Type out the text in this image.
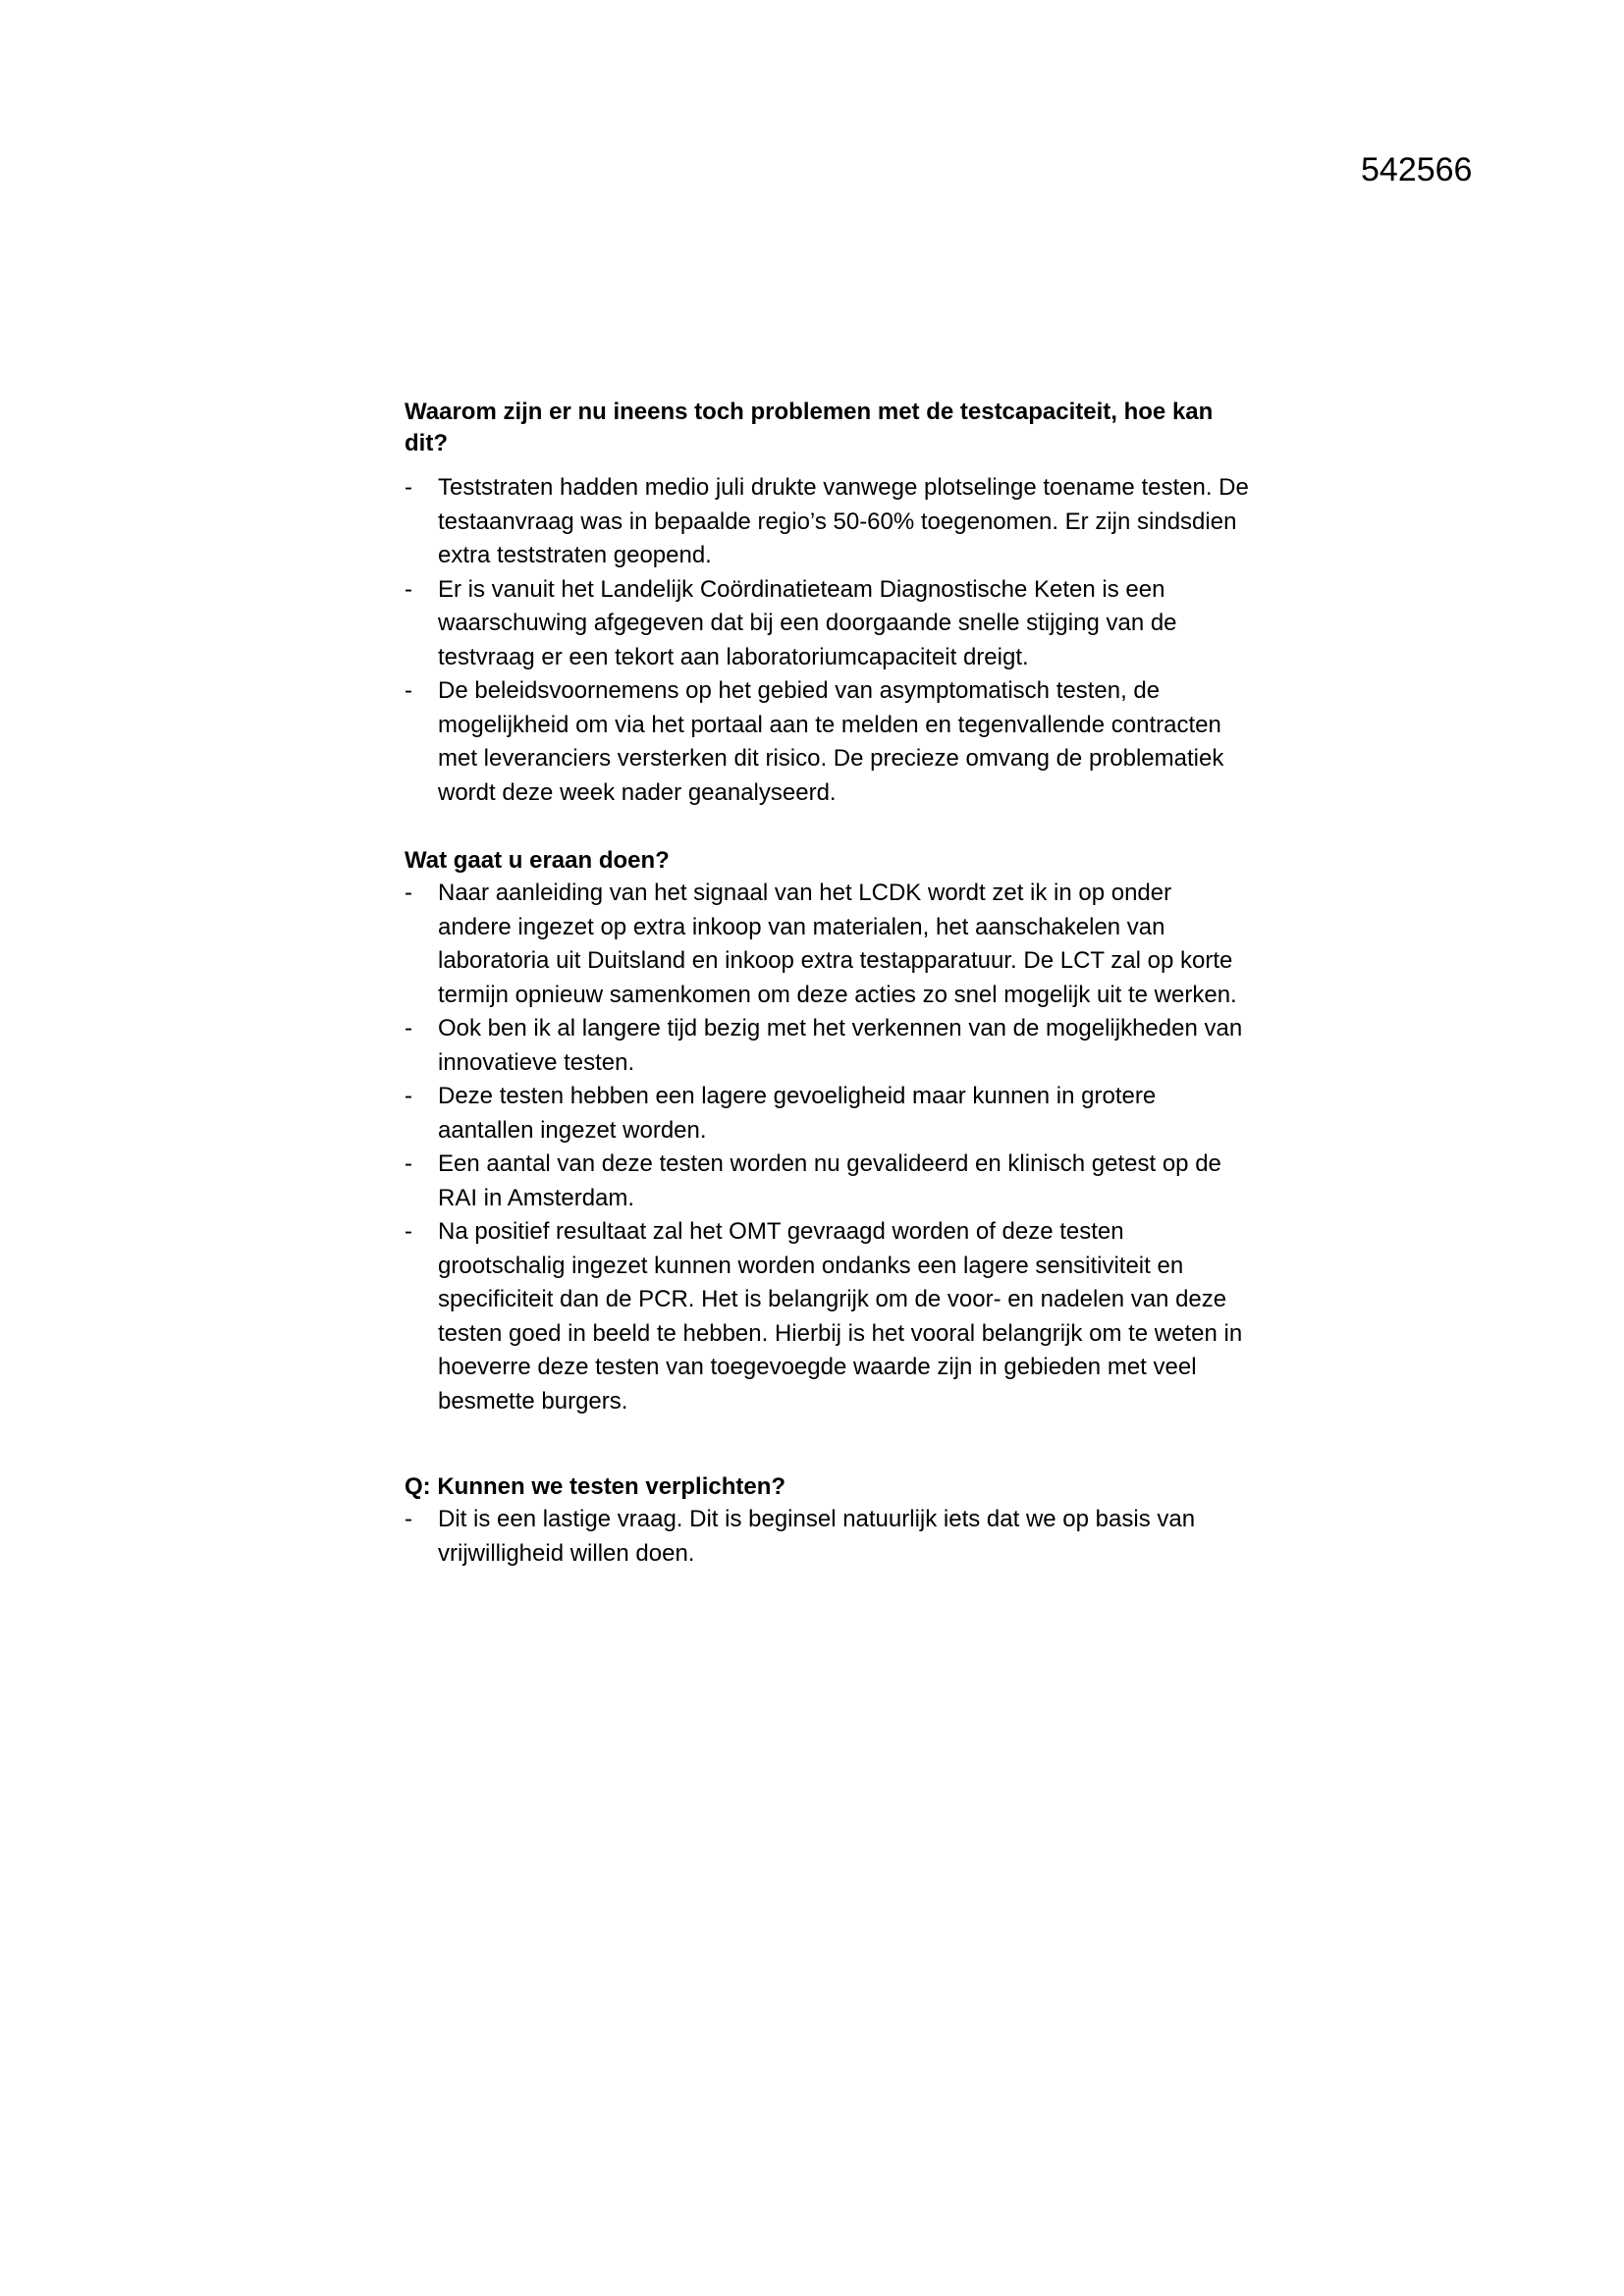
542566

Waarom zijn er nu ineens toch problemen met de testcapaciteit, hoe kan dit?

-	Teststraten hadden medio juli drukte vanwege plotselinge toename testen. De testaanvraag was in bepaalde regio’s 50-60% toegenomen. Er zijn sindsdien extra teststraten geopend.
-	Er is vanuit het Landelijk Coördinatieteam Diagnostische Keten is een waarschuwing afgegeven dat bij een doorgaande snelle stijging van de testvraag er een tekort aan laboratoriumcapaciteit dreigt.
-	De beleidsvoornemens op het gebied van asymptomatisch testen, de mogelijkheid om via het portaal aan te melden en tegenvallende contracten met leveranciers versterken dit risico. De precieze omvang de problematiek wordt deze week nader geanalyseerd.

Wat gaat u eraan doen?

-	Naar aanleiding van het signaal van het LCDK wordt zet ik in op onder andere ingezet op extra inkoop van materialen, het aanschakelen van laboratoria uit Duitsland en inkoop extra testapparatuur. De LCT zal op korte termijn opnieuw samenkomen om deze acties zo snel mogelijk uit te werken.
-	Ook ben ik al langere tijd bezig met het verkennen van de mogelijkheden van innovatieve testen.
-	Deze testen hebben een lagere gevoeligheid maar kunnen in grotere aantallen ingezet worden.
-	Een aantal van deze testen worden nu gevalideerd en klinisch getest op de RAI in Amsterdam.
-	Na positief resultaat zal het OMT gevraagd worden of deze testen grootschalig ingezet kunnen worden ondanks een lagere sensitiviteit en specificiteit dan de PCR. Het is belangrijk om de voor- en nadelen van deze testen goed in beeld te hebben. Hierbij is het vooral belangrijk om te weten in hoeverre deze testen van toegevoegde waarde zijn in gebieden met veel besmette burgers.

Q: Kunnen we testen verplichten?

-	Dit is een lastige vraag. Dit is beginsel natuurlijk iets dat we op basis van vrijwilligheid willen doen.
